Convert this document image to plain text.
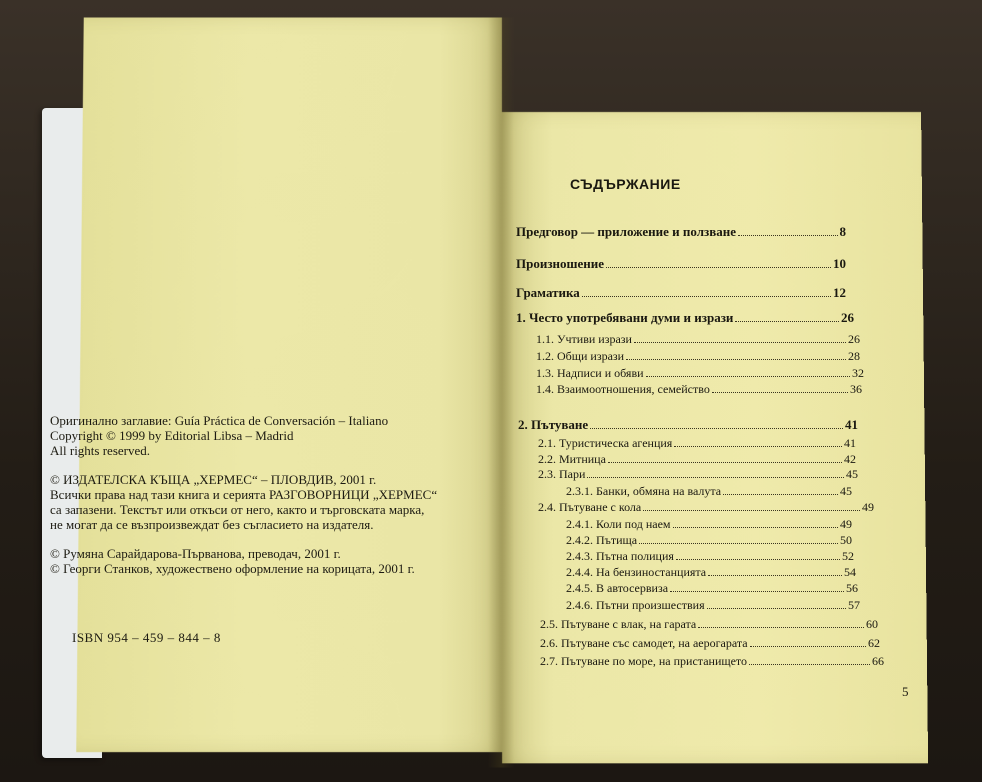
Оригинално заглавие: Guía Práctica de Conversación – Italiano
Copyright © 1999 by Editorial Libsa – Madrid
All rights reserved.
© ИЗДАТЕЛСКА КЪЩА „ХЕРМЕС“ – ПЛОВДИВ, 2001 г.
Всички права над тази книга и серията РАЗГОВОРНИЦИ „ХЕРМЕС“
са запазени. Текстът или откъси от него, както и търговската марка,
не могат да се възпроизвеждат без съгласието на издателя.
© Румяна Сарайдарова-Първанова, преводач, 2001 г.
© Георги Станков, художествено оформление на корицата, 2001 г.
ISBN 954 – 459 – 844 – 8
СЪДЪРЖАНИЕ
Предговор — приложение и ползване	8
Произношение	10
Граматика	12
1. Често употребявани думи и изрази	26
1.1. Учтиви изрази	26
1.2. Общи изрази	28
1.3. Надписи и обяви	32
1.4. Взаимоотношения, семейство	36
2. Пътуване	41
2.1. Туристическа агенция	41
2.2. Митница	42
2.3. Пари	45
2.3.1. Банки, обмяна на валута	45
2.4. Пътуване с кола	49
2.4.1. Коли под наем	49
2.4.2. Пътища	50
2.4.3. Пътна полиция	52
2.4.4. На бензиностанцията	54
2.4.5. В автосервиза	56
2.4.6. Пътни произшествия	57
2.5. Пътуване с влак, на гарата	60
2.6. Пътуване със самодет, на аерогарата	62
2.7. Пътуване по море, на пристанището	66
5
